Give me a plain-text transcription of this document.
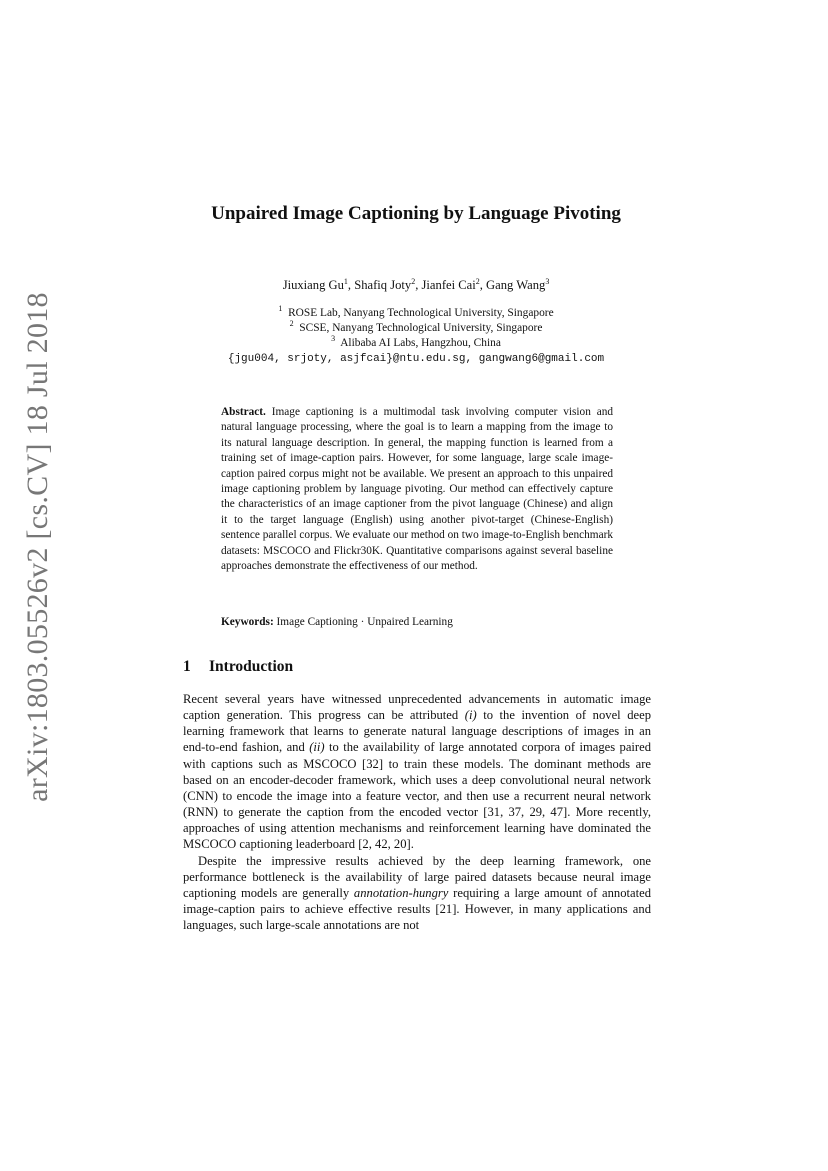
arXiv:1803.05526v2 [cs.CV] 18 Jul 2018
Unpaired Image Captioning by Language Pivoting
Jiuxiang Gu$^1$, Shafiq Joty$^2$, Jianfei Cai$^2$, Gang Wang$^3$
$^1$ ROSE Lab, Nanyang Technological University, Singapore
$^2$ SCSE, Nanyang Technological University, Singapore
$^3$ Alibaba AI Labs, Hangzhou, China
{jgu004, srjoty, asjfcai}@ntu.edu.sg, gangwang6@gmail.com
Abstract. Image captioning is a multimodal task involving computer vision and natural language processing, where the goal is to learn a mapping from the image to its natural language description. In general, the mapping function is learned from a training set of image-caption pairs. However, for some language, large scale image-caption paired corpus might not be available. We present an approach to this unpaired image captioning problem by language pivoting. Our method can effectively capture the characteristics of an image captioner from the pivot language (Chinese) and align it to the target language (English) using another pivot-target (Chinese-English) sentence parallel corpus. We evaluate our method on two image-to-English benchmark datasets: MSCOCO and Flickr30K. Quantitative comparisons against several baseline approaches demonstrate the effectiveness of our method.
Keywords: Image Captioning · Unpaired Learning
1 Introduction

Recent several years have witnessed unprecedented advancements in automatic image caption generation. This progress can be attributed (i) to the invention of novel deep learning framework that learns to generate natural language descriptions of images in an end-to-end fashion, and (ii) to the availability of large annotated corpora of images paired with captions such as MSCOCO [32] to train these models. The dominant methods are based on an encoder-decoder framework, which uses a deep convolutional neural network (CNN) to encode the image into a feature vector, and then use a recurrent neural network (RNN) to generate the caption from the encoded vector [31, 37, 29, 47]. More recently, approaches of using attention mechanisms and reinforcement learning have dominated the MSCOCO captioning leaderboard [2, 42, 20].

Despite the impressive results achieved by the deep learning framework, one performance bottleneck is the availability of large paired datasets because neural image captioning models are generally annotation-hungry requiring a large amount of annotated image-caption pairs to achieve effective results [21]. However, in many applications and languages, such large-scale annotations are not
